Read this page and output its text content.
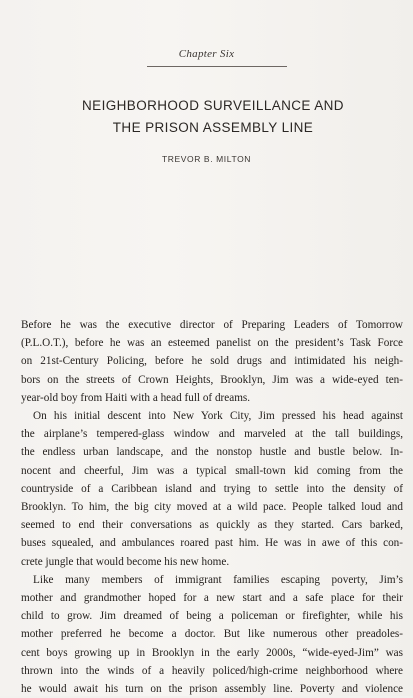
Chapter Six
NEIGHBORHOOD SURVEILLANCE AND
THE PRISON ASSEMBLY LINE
TREVOR B. MILTON
Before he was the executive director of Preparing Leaders of Tomorrow
(P.L.O.T.), before he was an esteemed panelist on the president’s Task Force
on 21st-Century Policing, before he sold drugs and intimidated his neigh-
bors on the streets of Crown Heights, Brooklyn, Jim was a wide-eyed ten-
year-old boy from Haiti with a head full of dreams.
On his initial descent into New York City, Jim pressed his head against
the airplane’s tempered-glass window and marveled at the tall buildings,
the endless urban landscape, and the nonstop hustle and bustle below. In-
nocent and cheerful, Jim was a typical small-town kid coming from the
countryside of a Caribbean island and trying to settle into the density of
Brooklyn. To him, the big city moved at a wild pace. People talked loud and
seemed to end their conversations as quickly as they started. Cars barked,
buses squealed, and ambulances roared past him. He was in awe of this con-
crete jungle that would become his new home.
Like many members of immigrant families escaping poverty, Jim’s
mother and grandmother hoped for a new start and a safe place for their
child to grow. Jim dreamed of being a policeman or firefighter, while his
mother preferred he become a doctor. But like numerous other preadoles-
cent boys growing up in Brooklyn in the early 2000s, “wide-eyed-Jim” was
thrown into the winds of a heavily policed/high-crime neighborhood where
he would await his turn on the prison assembly line. Poverty and violence
